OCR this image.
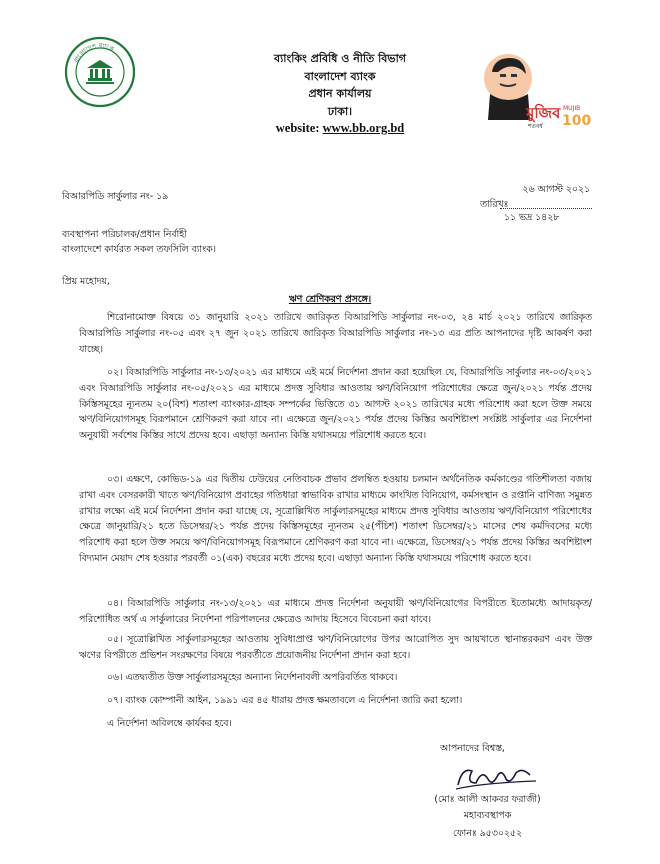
বাংলাদেশ ব্যাংক
ব্যাংকিং প্রবিধি ও নীতি বিভাগ
বাংলাদেশ ব্যাংক
প্রধান কার্যালয়
ঢাকা।
website: www.bb.org.bd
মুজিব
শতবর্ষ
MUJIB
100
বিআরপিডি সার্কুলার নং- ১৯
২৬ আগস্ট ২০২১
তারিখঃ
১১ ভদ্র ১৪২৮
ব্যবস্থাপনা পরিচালক/প্রধান নির্বাহী
বাংলাদেশে কার্যরত সকল তফসিলি ব্যাংক।
প্রিয় মহোদয়,
ঋণ শ্রেণিকরণ প্রসঙ্গে।

শিরোনামোক্ত বিষয়ে ৩১ জানুয়ারি ২০২১ তারিখে জারিকৃত বিআরপিডি সার্কুলার নং-০৩, ২৪ মার্চ ২০২১ তারিখে জারিকৃত বিআরপিডি সার্কুলার নং-০৫ এবং ২৭ জুন ২০২১ তারিখে জারিকৃত বিআরপিডি সার্কুলার নং-১৩ এর প্রতি আপনাদের দৃষ্টি আকর্ষণ করা যাচ্ছে।

০২। বিআরপিডি সার্কুলার নং-১৩/২০২১ এর মাধ্যমে এই মর্মে নির্দেশনা প্রদান করা হয়েছিল যে, বিআরপিডি সার্কুলার নং-০৩/২০২১ এবং বিআরপিডি সার্কুলার নং-০৫/২০২১ এর মাধ্যমে প্রদত্ত সুবিধার আওতায় ঋণ/বিনিয়োগ পরিশোধের ক্ষেত্রে জুন/২০২১ পর্যন্ত প্রদেয় কিস্তিসমূহের ন্যূনতম ২০(বিশ) শতাংশ ব্যাংকার-গ্রাহক সম্পর্কের ভিত্তিতে ৩১ আগস্ট ২০২১ তারিখের মধ্যে পরিশোধ করা হলে উক্ত সময়ে ঋণ/বিনিয়োগসমূহ বিরূপমানে শ্রেণিকরণ করা যাবে না। এক্ষেত্রে জুন/২০২১ পর্যন্ত প্রদেয় কিস্তির অবশিষ্টাংশ সংশ্লিষ্ট সার্কুলার এর নির্দেশনা অনুযায়ী সর্বশেষ কিস্তির সাথে প্রদেয় হবে। এছাড়া অন্যান্য কিস্তি যথাসময়ে পরিশোধ করতে হবে।

০৩। এক্ষণে, কোভিড-১৯ এর দ্বিতীয় ঢেউয়ের নেতিবাচক প্রভাব প্রলম্বিত হওয়ায় চলমান অর্থনৈতিক কর্মকাণ্ডের গতিশীলতা বজায় রাখা এবং বেসরকারী খাতে ঋণ/বিনিয়োগ প্রবাহের গতিধারা স্বাভাবিক রাখার মাধ্যমে কাংখিত বিনিয়োগ, কর্মসংস্থান ও রপ্তানি বাণিজ্য সমুন্নত রাখার লক্ষ্যে এই মর্মে নির্দেশনা প্রদান করা যাচ্ছে যে, সূত্রোল্লিখিত সার্কুলারসমূহের মাধ্যমে প্রদত্ত সুবিধার আওতায় ঋণ/বিনিয়োগ পরিশোধের ক্ষেত্রে জানুয়ারি/২১ হতে ডিসেম্বর/২১ পর্যন্ত প্রদেয় কিস্তিসমূহের ন্যূনতম ২৫(পঁচিশ) শতাংশ ডিসেম্বর/২১ মাসের শেষ কর্মদিবসের মধ্যে পরিশোধ করা হলে উক্ত সময়ে ঋণ/বিনিয়োগসমূহ বিরূপমানে শ্রেণিকরণ করা যাবে না। এক্ষেত্রে, ডিসেম্বর/২১ পর্যন্ত প্রদেয় কিস্তির অবশিষ্টাংশ বিদ্যমান মেয়াদ শেষ হওয়ার পরবর্তী ০১(এক) বছরের মধ্যে প্রদেয় হবে। এছাড়া অন্যান্য কিস্তি যথাসময়ে পরিশোধ করতে হবে।

০৪। বিআরপিডি সার্কুলার নং-১৩/২০২১ এর মাধ্যমে প্রদত্ত নির্দেশনা অনুযায়ী ঋণ/বিনিয়োগের বিপরীতে ইতোমধ্যে আদায়কৃত/পরিশোধিত অর্থ এ সার্কুলারের নির্দেশনা পরিপালনের ক্ষেত্রেও আদায় হিসেবে বিবেচনা করা যাবে।

০৫। সূত্রোল্লিখিত সার্কুলারসমূহের আওতায় সুবিধাপ্রাপ্ত ঋণ/বিনিয়োগের উপর আরোপিত সুদ আয়খাতে স্থানান্তরকরণ এবং উক্ত ঋণের বিপরীতে প্রভিশন সংরক্ষণের বিষয়ে পরবর্তীতে প্রয়োজনীয় নির্দেশনা প্রদান করা হবে।

০৬। এতদ্ব্যতীত উক্ত সার্কুলারসমূহের অন্যান্য নির্দেশনাবলী অপরিবর্তিত থাকবে।

০৭। ব্যাংক কোম্পানী আইন, ১৯৯১ এর ৪৫ ধারায় প্রদত্ত ক্ষমতাবলে এ নির্দেশনা জারি করা হলো।

এ নির্দেশনা অবিলম্বে কার্যকর হবে।

আপনাদের বিশ্বস্ত,
(মোঃ আলী আকবর ফরাজী)
মহাব্যবস্থাপক
ফোনঃ ৯৫৩০২৫২
